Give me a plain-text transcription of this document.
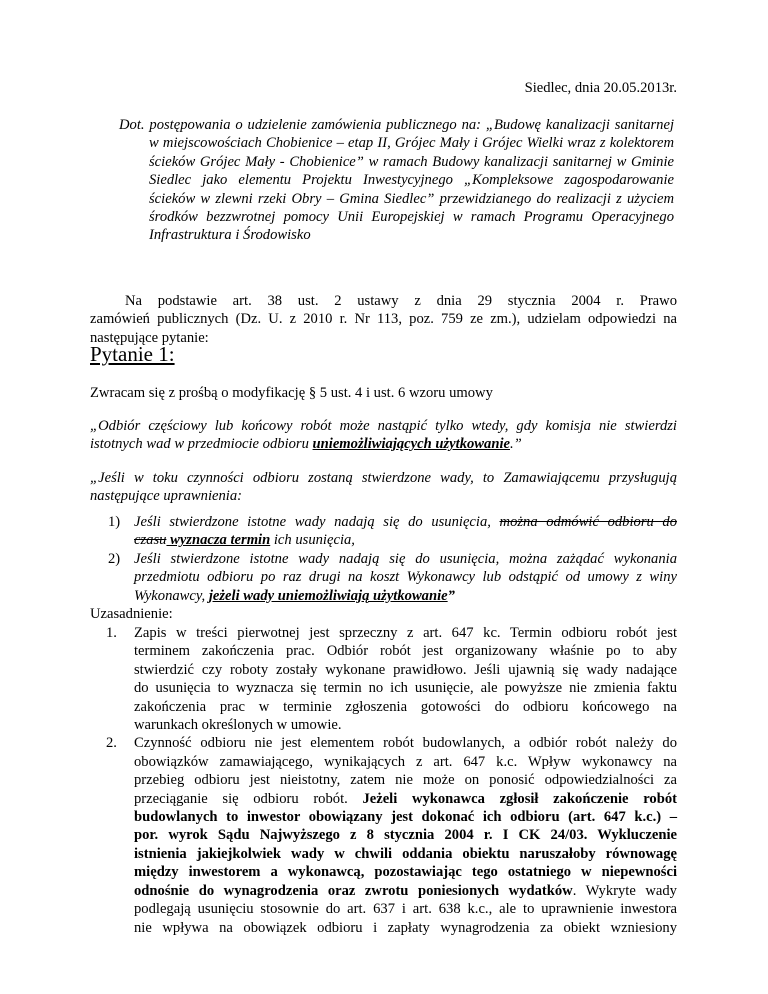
Siedlec, dnia 20.05.2013r.
Dot. postępowania o udzielenie zamówienia publicznego na: „Budowę kanalizacji sanitarnej
w miejscowościach Chobienice – etap II, Grójec Mały i Grójec Wielki wraz z kolektorem
ścieków Grójec Mały - Chobienice” w ramach Budowy kanalizacji sanitarnej w Gminie
Siedlec jako elementu Projektu Inwestycyjnego „Kompleksowe zagospodarowanie
ścieków w zlewni rzeki Obry – Gmina Siedlec” przewidzianego do realizacji z użyciem
środków bezzwrotnej pomocy Unii Europejskiej w ramach Programu Operacyjnego
Infrastruktura i Środowisko
Na podstawie art. 38 ust. 2 ustawy z dnia 29 stycznia 2004 r. Prawo
zamówień publicznych (Dz. U. z 2010 r. Nr 113, poz. 759 ze zm.), udzielam odpowiedzi na
następujące pytanie:
Pytanie 1:
Zwracam się z prośbą o modyfikację § 5 ust. 4 i ust. 6 wzoru umowy
„Odbiór częściowy lub końcowy robót może nastąpić tylko wtedy, gdy komisja nie stwierdzi
istotnych wad w przedmiocie odbioru uniemożliwiających użytkowanie.”
„Jeśli w toku czynności odbioru zostaną stwierdzone wady, to Zamawiającemu przysługują
następujące uprawnienia:
1) Jeśli stwierdzone istotne wady nadają się do usunięcia, można odmówić odbioru do
czasu wyznacza termin ich usunięcia,
2) Jeśli stwierdzone istotne wady nadają się do usunięcia, można zażądać wykonania
przedmiotu odbioru po raz drugi na koszt Wykonawcy lub odstąpić od umowy z winy
Wykonawcy, jeżeli wady uniemożliwiają użytkowanie”
Uzasadnienie:
1. Zapis w treści pierwotnej jest sprzeczny z art. 647 kc. Termin odbioru robót jest
terminem zakończenia prac. Odbiór robót jest organizowany właśnie po to aby
stwierdzić czy roboty zostały wykonane prawidłowo. Jeśli ujawnią się wady nadające
do usunięcia to wyznacza się termin no ich usunięcie, ale powyższe nie zmienia faktu
zakończenia prac w terminie zgłoszenia gotowości do odbioru końcowego na
warunkach określonych w umowie.
2. Czynność odbioru nie jest elementem robót budowlanych, a odbiór robót należy do
obowiązków zamawiającego, wynikających z art. 647 k.c. Wpływ wykonawcy na
przebieg odbioru jest nieistotny, zatem nie może on ponosić odpowiedzialności za
przeciąganie się odbioru robót. Jeżeli wykonawca zgłosił zakończenie robót
budowlanych to inwestor obowiązany jest dokonać ich odbioru (art. 647 k.c.) –
por. wyrok Sądu Najwyższego z 8 stycznia 2004 r. I CK 24/03. Wykluczenie
istnienia jakiejkolwiek wady w chwili oddania obiektu naruszałoby równowagę
między inwestorem a wykonawcą, pozostawiając tego ostatniego w niepewności
odnośnie do wynagrodzenia oraz zwrotu poniesionych wydatków. Wykryte wady
podlegają usunięciu stosownie do art. 637 i art. 638 k.c., ale to uprawnienie inwestora
nie wpływa na obowiązek odbioru i zapłaty wynagrodzenia za obiekt wzniesiony
